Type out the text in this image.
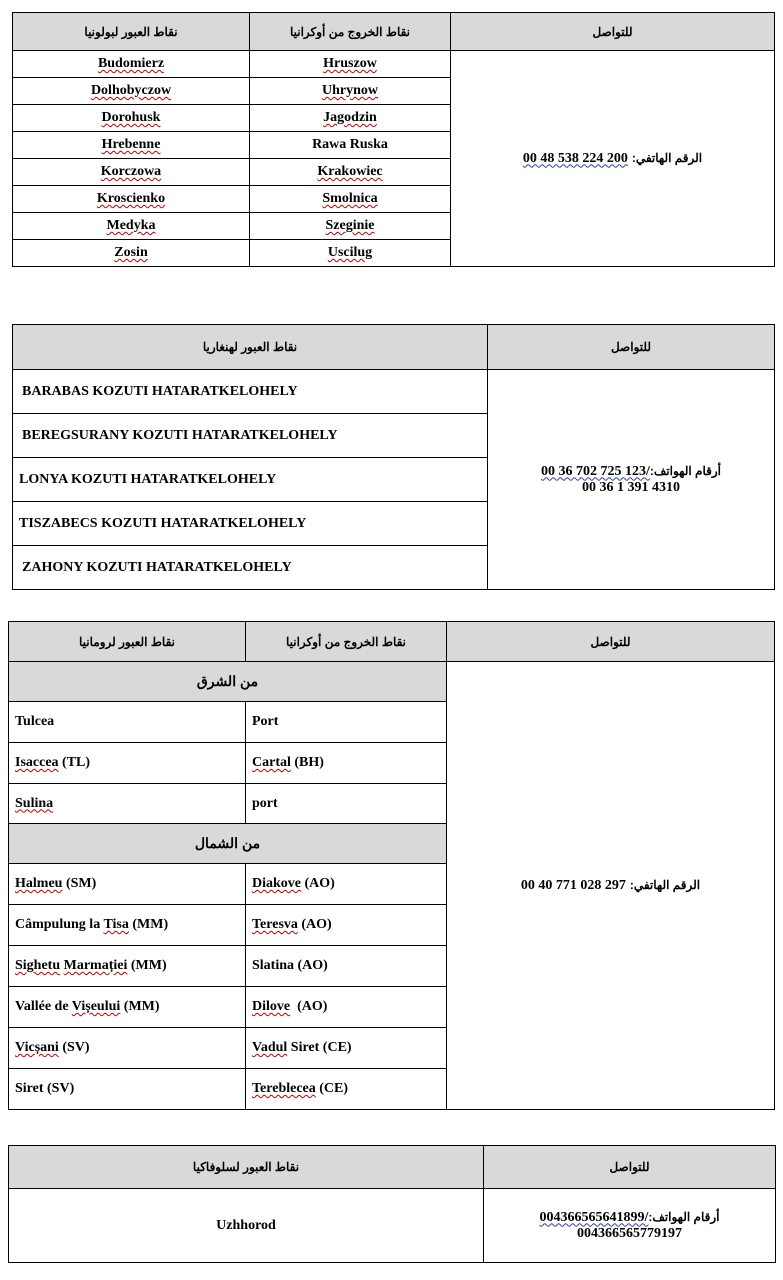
نقاط العبور لبولونيا	نقاط الخروج من أوكرانيا	للتواصل
Budomierz	Hruszow	00 48 538 224 200 الرقم الهاتفي:
Dolhobyczow	Uhrynow	
Dorohusk	Jagodzin	
Hrebenne	Rawa Ruska	
Korczowa	Krakowiec	
Kroscienko	Smolnica	
Medyka	Szeginie	
Zosin	Uscilug	
نقاط العبور لهنغاريا	للتواصل
BARABAS KOZUTI HATARATKELOHELY	00 36 702 725 123/أرقام الهواتف:
00 36 1 391 4310

BEREGSURANY KOZUTI HATARATKELOHELY	
LONYA KOZUTI HATARATKELOHELY	
TISZABECS KOZUTI HATARATKELOHELY	
ZAHONY KOZUTI HATARATKELOHELY	
نقاط العبور لرومانيا	نقاط الخروج من أوكرانيا	للتواصل
من الشرق		00 40 771 028 297 الرقم الهاتفي:
Tulcea	Port	
Isaccea (TL)	Cartal (BH)	
Sulina	port	
من الشمال		
Halmeu (SM)	Diakove (AO)	
Câmpulung la Tisa (MM)	Teresva (AO)	
Sighetu Marmației (MM)	Slatina (AO)	
Vallée de Vișeului (MM)	Dilove  (AO)	
Vicșani (SV)	Vadul Siret (CE)	
Siret (SV)	Tereblecea (CE)	
نقاط العبور لسلوفاكيا	للتواصل
Uzhhorod	004366565641899/أرقام الهواتف:
004366565779197
